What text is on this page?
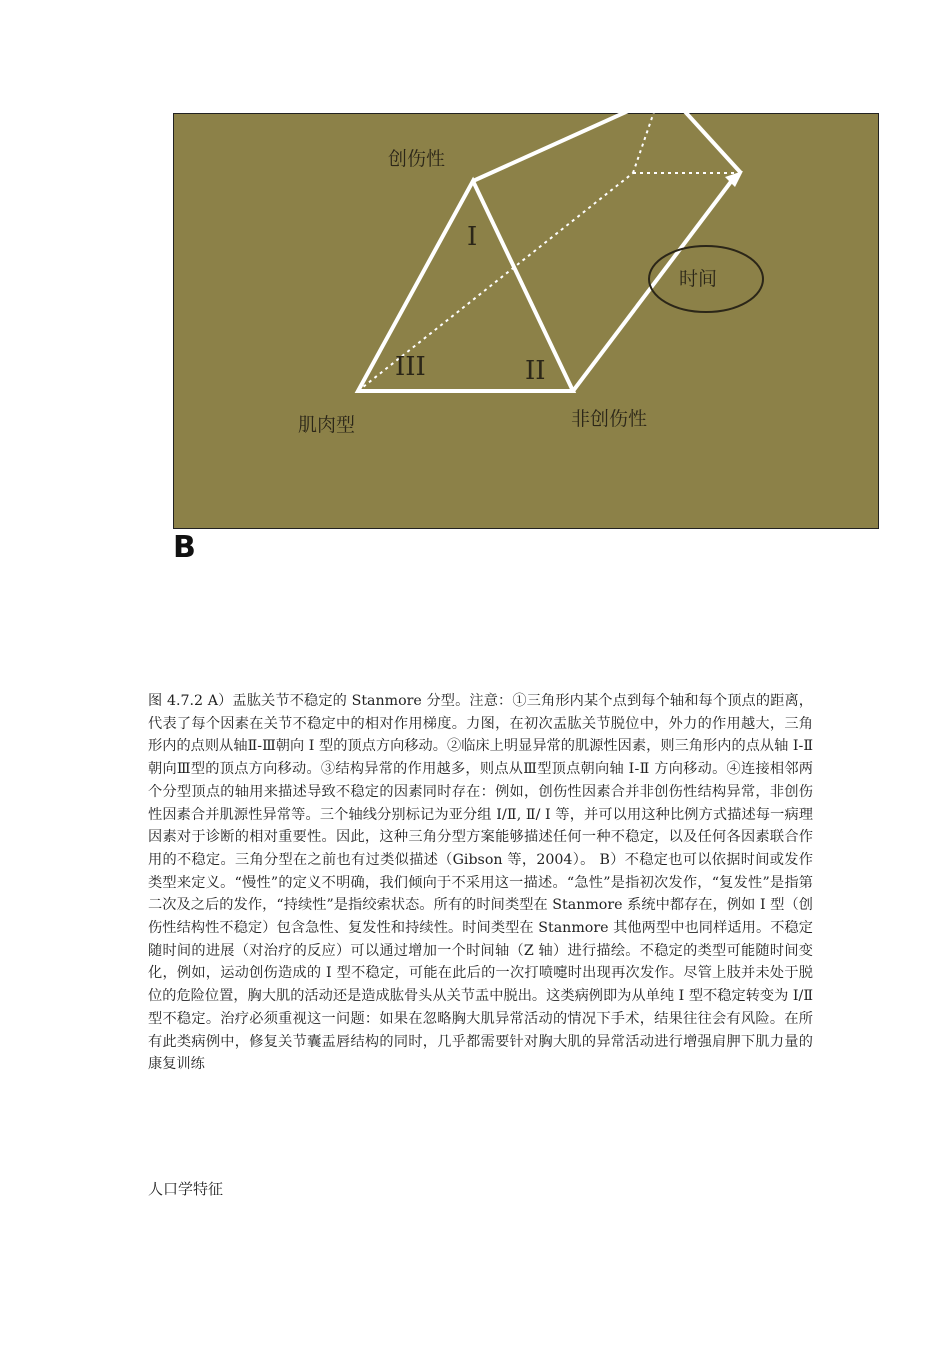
创伤性
非创伤性
肌肉型
时间
I
II
III
B

图 4.7.2 A）盂肱关节不稳定的 Stanmore 分型。注意：①三角形内某个点到每个轴和每个顶点的距离，代表了每个因素在关节不稳定中的相对作用梯度。力图，在初次盂肱关节脱位中，外力的作用越大，三角形内的点则从轴Ⅱ-Ⅲ朝向 Ⅰ 型的顶点方向移动。②临床上明显异常的肌源性因素，则三角形内的点从轴 Ⅰ-Ⅱ 朝向Ⅲ型的顶点方向移动。③结构异常的作用越多，则点从Ⅲ型顶点朝向轴 Ⅰ-Ⅱ 方向移动。④连接相邻两个分型顶点的轴用来描述导致不稳定的因素同时存在：例如，创伤性因素合并非创伤性结构异常，非创伤性因素合并肌源性异常等。三个轴线分别标记为亚分组 Ⅰ/Ⅱ, Ⅱ/ Ⅰ 等，并可以用这种比例方式描述每一病理因素对于诊断的相对重要性。因此，这种三角分型方案能够描述任何一种不稳定，以及任何各因素联合作用的不稳定。三角分型在之前也有过类似描述（Gibson 等，2004）。 B）不稳定也可以依据时间或发作类型来定义。“慢性”的定义不明确，我们倾向于不采用这一描述。“急性”是指初次发作，“复发性”是指第二次及之后的发作，“持续性”是指绞索状态。所有的时间类型在 Stanmore 系统中都存在，例如 Ⅰ 型（创伤性结构性不稳定）包含急性、复发性和持续性。时间类型在 Stanmore 其他两型中也同样适用。不稳定随时间的进展（对治疗的反应）可以通过增加一个时间轴（Z 轴）进行描绘。不稳定的类型可能随时间变化，例如，运动创伤造成的 Ⅰ 型不稳定，可能在此后的一次打喷嚏时出现再次发作。尽管上肢并未处于脱位的危险位置，胸大肌的活动还是造成肱骨头从关节盂中脱出。这类病例即为从单纯 Ⅰ 型不稳定转变为 Ⅰ/Ⅱ 型不稳定。治疗必须重视这一问题：如果在忽略胸大肌异常活动的情况下手术，结果往往会有风险。在所有此类病例中，修复关节囊盂唇结构的同时，几乎都需要针对胸大肌的异常活动进行增强肩胛下肌力量的康复训练

人口学特征
